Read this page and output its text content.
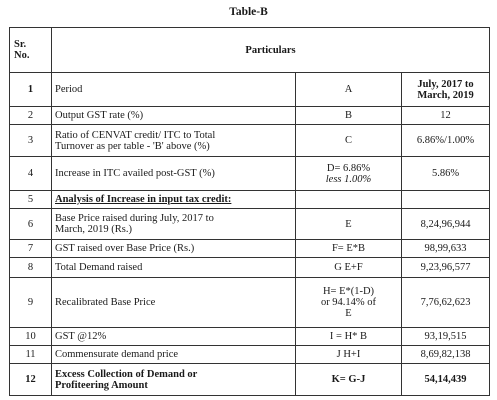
Table-B
Sr.
No.	Particulars		
1	Period	A	July, 2017 to
March, 2019
2	Output GST rate (%)	B	12
3	Ratio of CENVAT credit/ ITC to Total
Turnover as per table - 'B' above (%)	C	6.86%/1.00%
4	Increase in ITC availed post-GST (%)	D= 6.86%
less 1.00%	5.86%
5	Analysis of Increase in input tax credit:		
6	Base Price raised during July, 2017 to
March, 2019 (Rs.)	E	8,24,96,944
7	GST raised over Base Price (Rs.)	F= E*B	98,99,633
8	Total Demand raised	G E+F	9,23,96,577
9	Recalibrated Base Price	H= E*(1-D)
or 94.14% of
E	7,76,62,623
10	GST @12%	I = H* B	93,19,515
11	Commensurate demand price	J H+I	8,69,82,138
12	Excess Collection of Demand or
Profiteering Amount	K= G-J	54,14,439
